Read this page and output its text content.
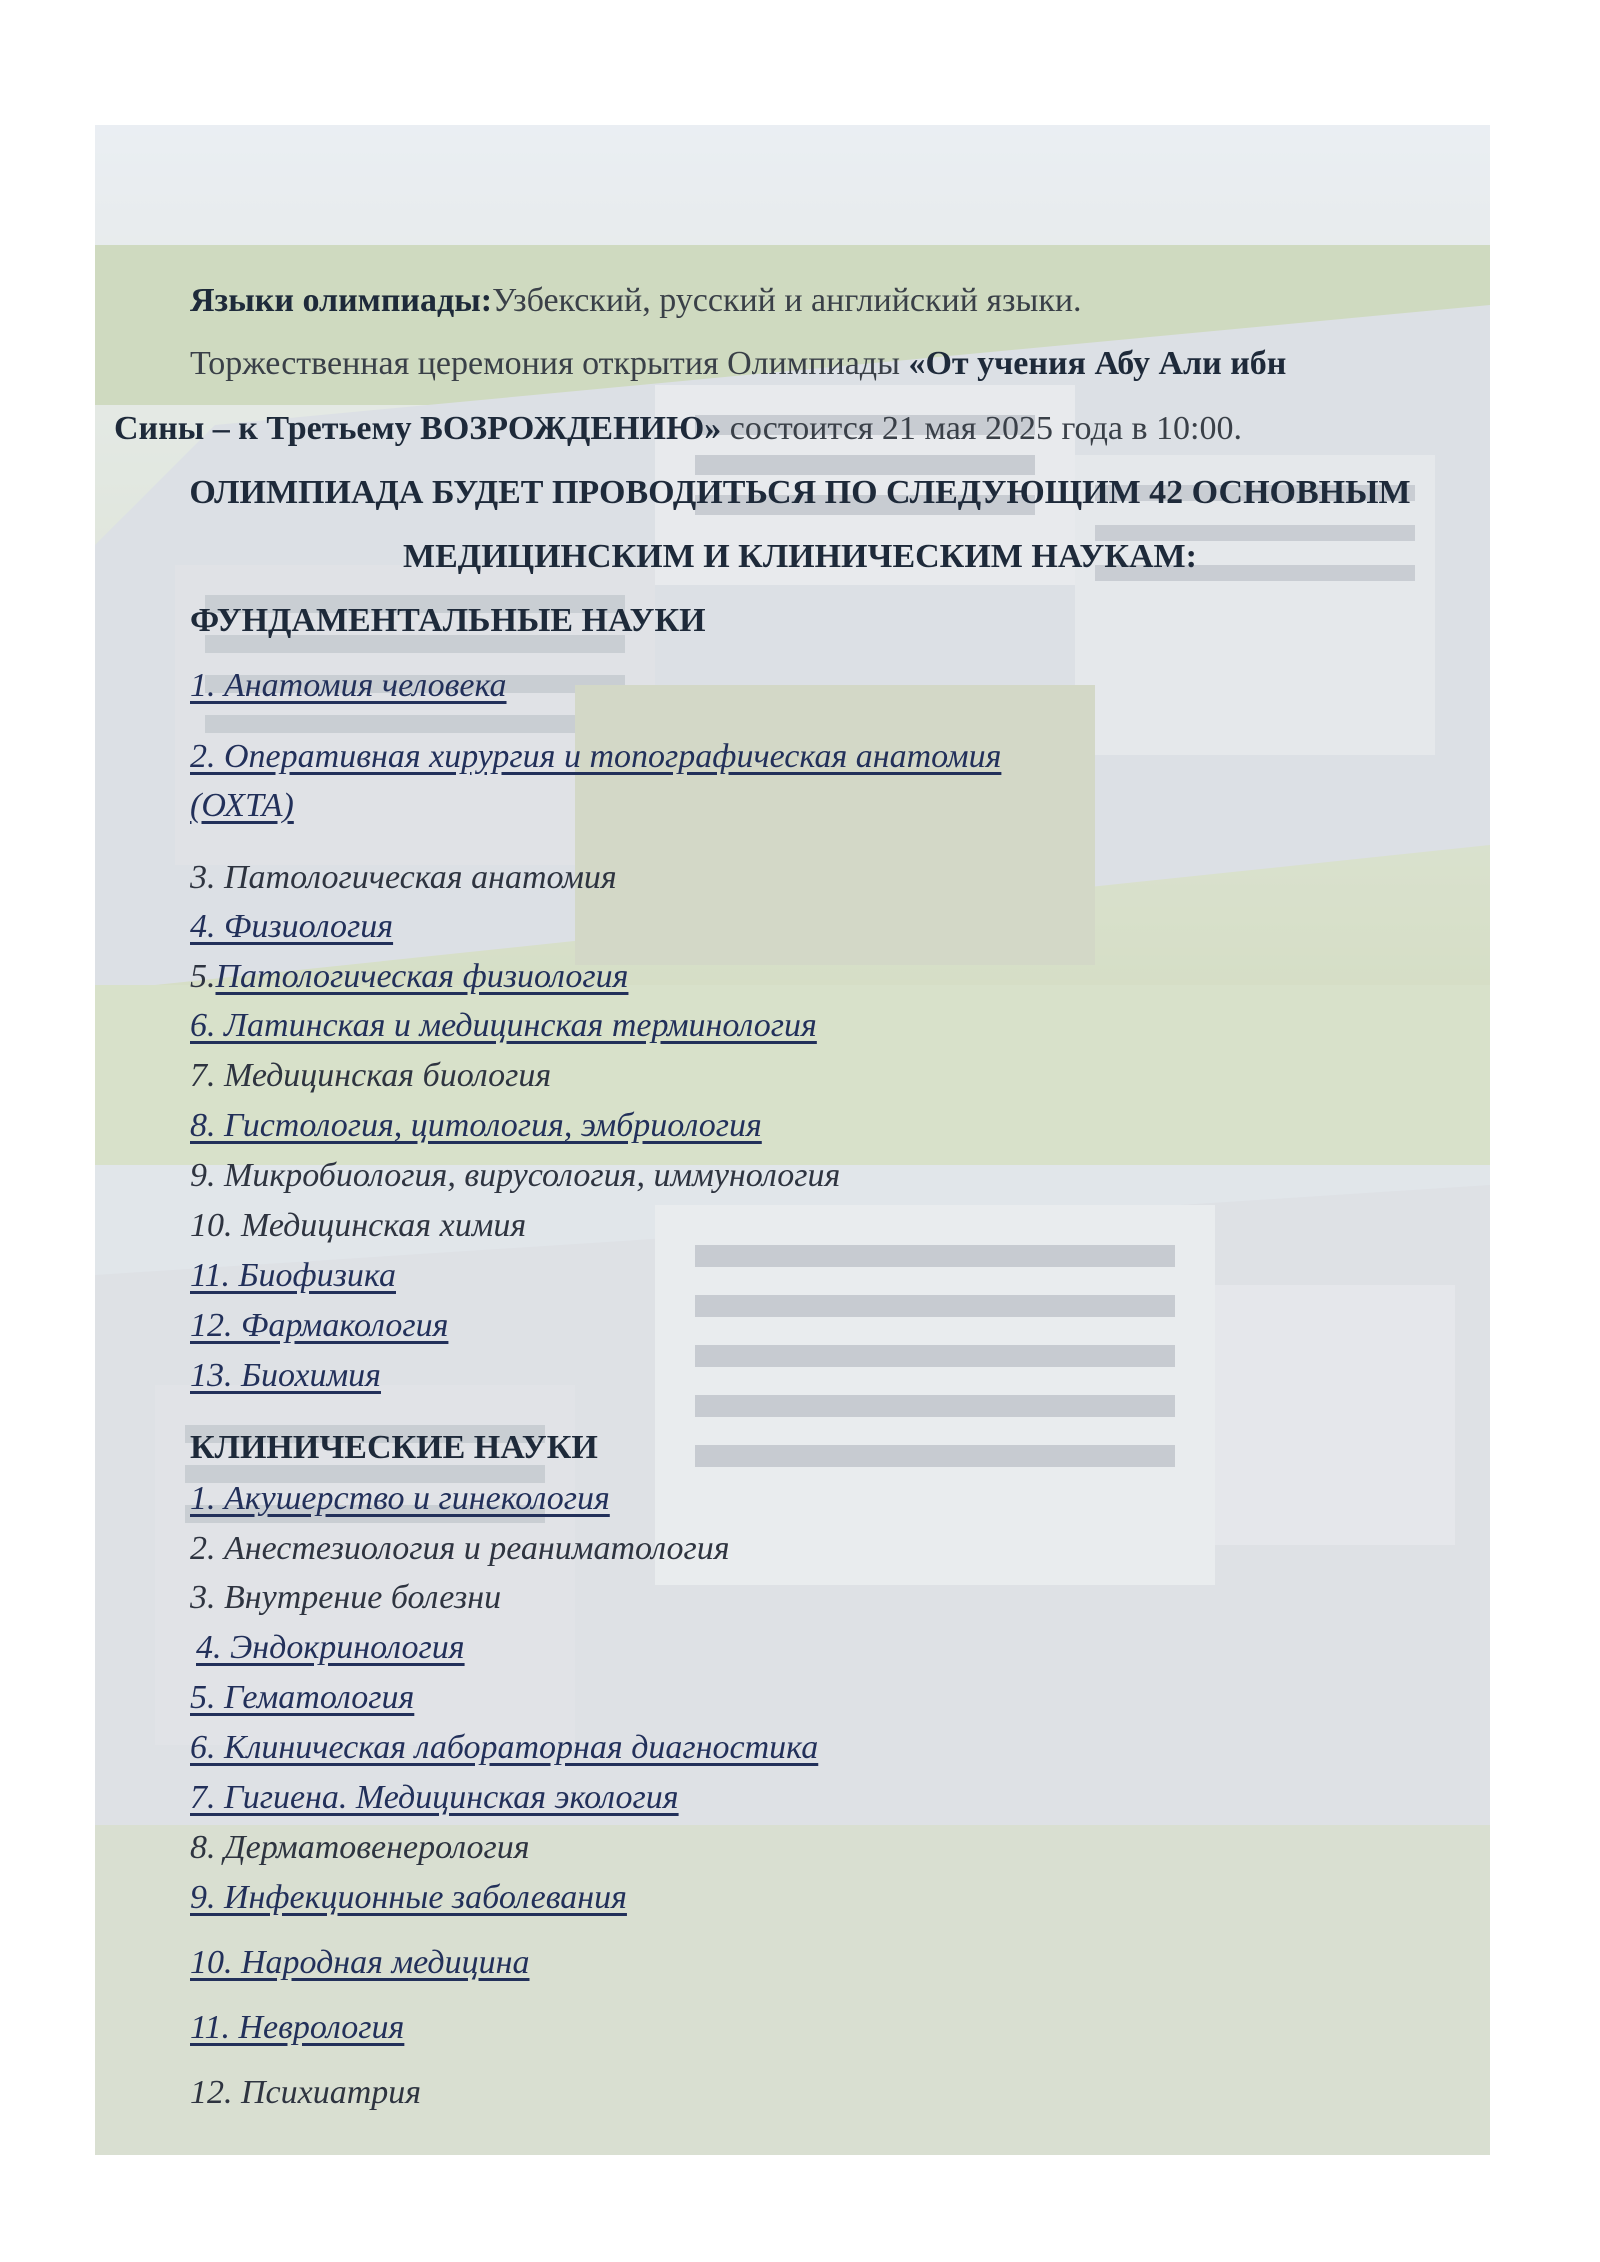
Языки олимпиады:Узбекский, русский и английский языки.
Торжественная церемония открытия Олимпиады «От учения Абу Али ибн
Сины – к Третьему ВОЗРОЖДЕНИЮ» состоится 21 мая 2025 года в 10:00.
ОЛИМПИАДА БУДЕТ ПРОВОДИТЬСЯ ПО СЛЕДУЮЩИМ 42 ОСНОВНЫМ
МЕДИЦИНСКИМ И КЛИНИЧЕСКИМ НАУКАМ:
ФУНДАМЕНТАЛЬНЫЕ НАУКИ
1. Анатомия человека
2. Оперативная хирургия и топографическая анатомия
(ОХТА)
3. Патологическая анатомия
4. Физиология
5.Патологическая физиология
6. Латинская и медицинская терминология
7. Медицинская биология
8. Гистология, цитология, эмбриология
9. Микробиология, вирусология, иммунология
10. Медицинская химия
11. Биофизика
12. Фармакология
13. Биохимия
КЛИНИЧЕСКИЕ НАУКИ
1. Акушерство и гинекология
2. Анестезиология и реаниматология
3. Внутрение болезни
4. Эндокринология
5. Гематология
6. Клиническая лабораторная диагностика
7. Гигиена. Медицинская экология
8. Дерматовенерология
9. Инфекционные заболевания
10. Народная медицина
11. Неврология
12. Психиатрия
